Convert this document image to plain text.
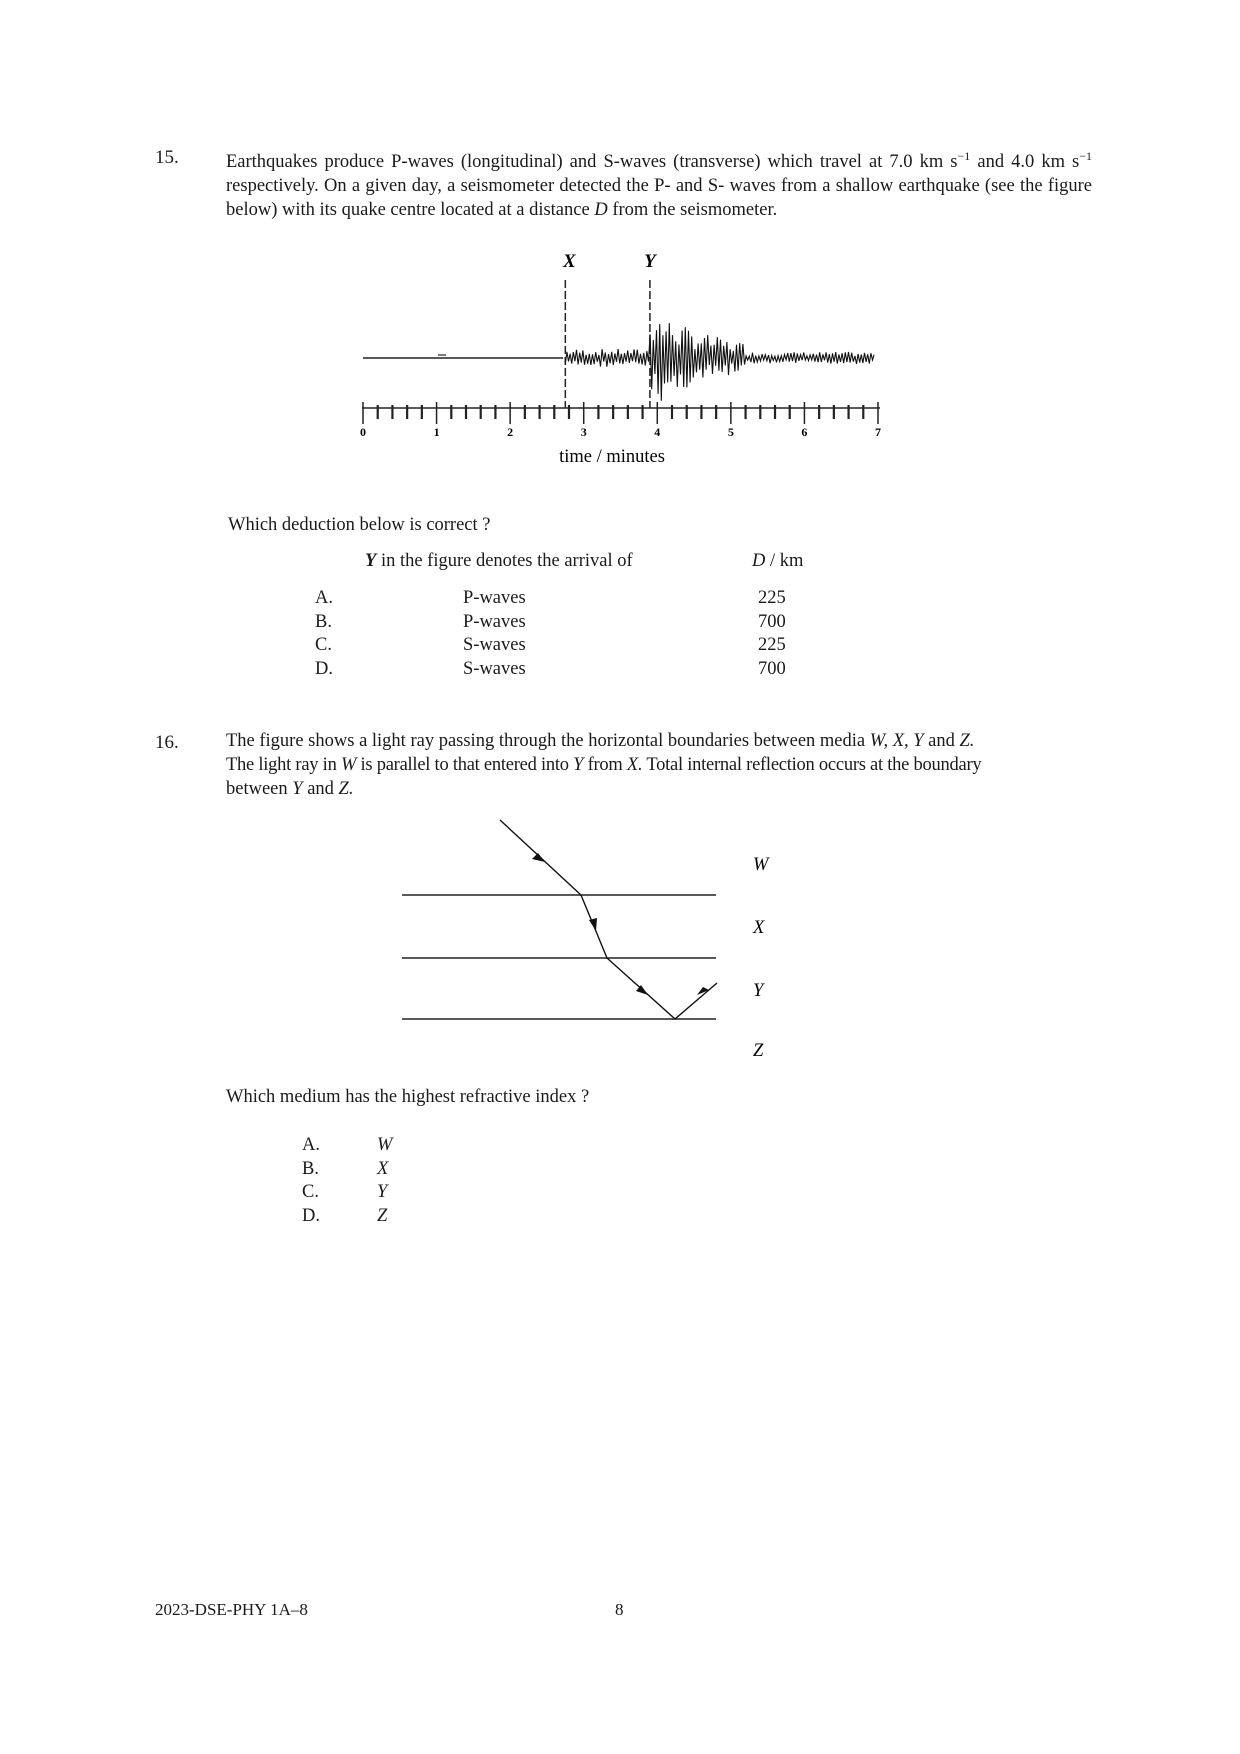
15.	Earthquakes produce P-waves (longitudinal) and S-waves (transverse) which travel at 7.0 km $s^{-1}$ and 4.0 km $s^{-1}$ respectively. On a given day, a seismometer detected the P- and S- waves from a shallow earthquake (see the figure below) with its quake centre located at a distance D from the seismometer.
X	Y
0	1	2	3	4	5	6	7
time / minutes
Which deduction below is correct ?
Y in the figure denotes the arrival of	D / km
A.	P-waves	225
B.	P-waves	700
C.	S-waves	225
D.	S-waves	700
16.	The figure shows a light ray passing through the horizontal boundaries between media W, X, Y and Z.
The light ray in W is parallel to that entered into Y from X. Total internal reflection occurs at the boundary
between Y and Z.
W
X
Y
Z
Which medium has the highest refractive index ?
A.	W
B.	X
C.	Y
D.	Z
2023-DSE-PHY 1A–8	8
